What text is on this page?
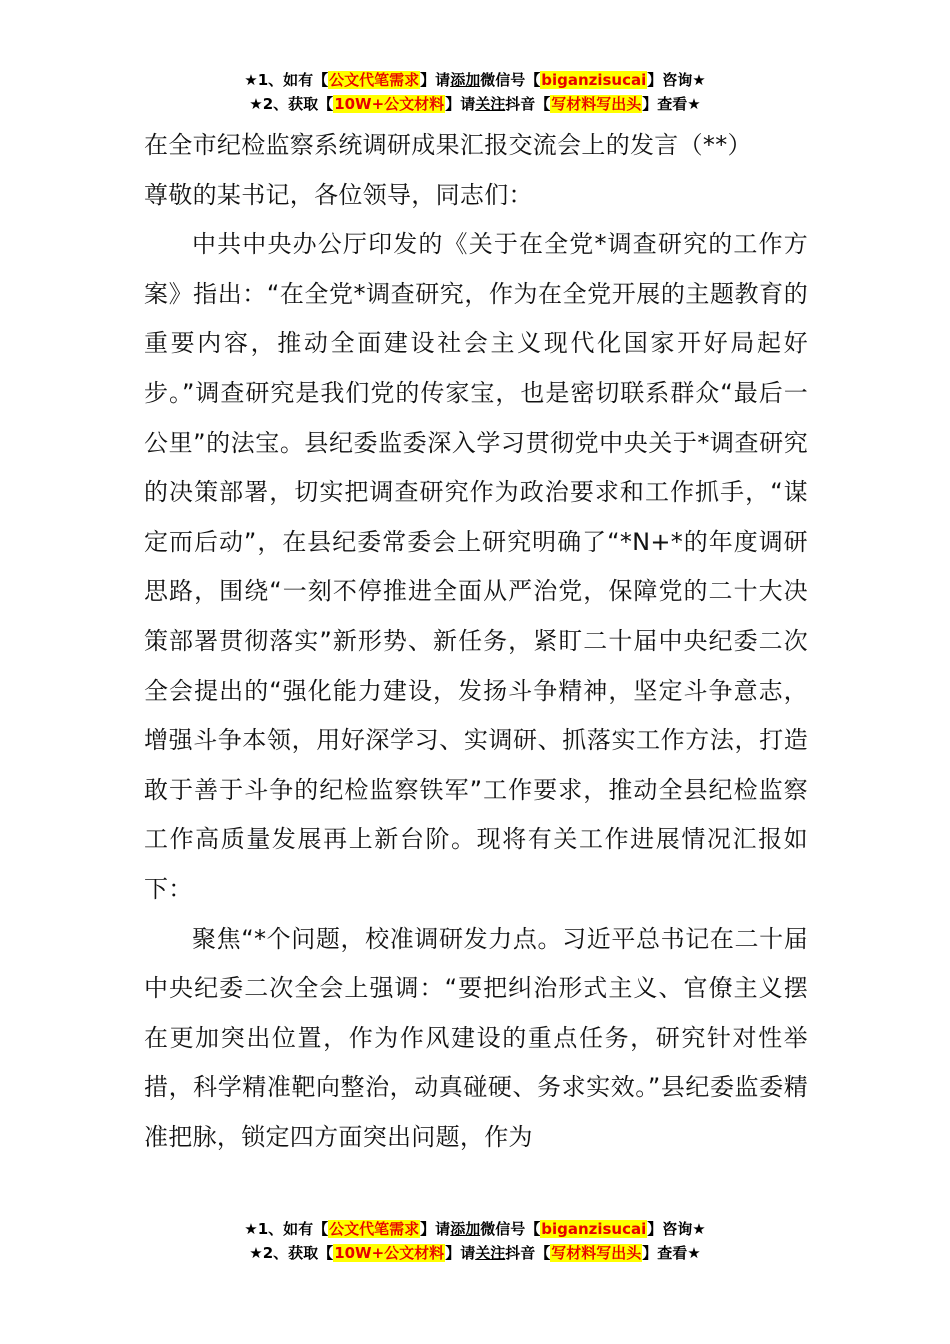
★1、如有【公文代笔需求】请添加微信号【biganzisucai】咨询★
★2、获取【10W+公文材料】请关注抖音【写材料写出头】查看★

在全市纪检监察系统调研成果汇报交流会上的发言（**）

尊敬的某书记，各位领导，同志们：

中共中央办公厅印发的《关于在全党*调查研究的工作方案》指出：“在全党*调查研究，作为在全党开展的主题教育的重要内容，推动全面建设社会主义现代化国家开好局起好步。”调查研究是我们党的传家宝，也是密切联系群众“最后一公里”的法宝。县纪委监委深入学习贯彻党中央关于*调查研究的决策部署，切实把调查研究作为政治要求和工作抓手，“谋定而后动”，在县纪委常委会上研究明确了“*N+*的年度调研思路，围绕“一刻不停推进全面从严治党，保障党的二十大决策部署贯彻落实”新形势、新任务，紧盯二十届中央纪委二次全会提出的“强化能力建设，发扬斗争精神，坚定斗争意志，增强斗争本领，用好深学习、实调研、抓落实工作方法，打造敢于善于斗争的纪检监察铁军”工作要求，推动全县纪检监察工作高质量发展再上新台阶。现将有关工作进展情况汇报如下：

聚焦“*个问题，校准调研发力点。习近平总书记在二十届中央纪委二次全会上强调：“要把纠治形式主义、官僚主义摆在更加突出位置，作为作风建设的重点任务，研究针对性举措，科学精准靶向整治，动真碰硬、务求实效。”县纪委监委精准把脉，锁定四方面突出问题，作为

★1、如有【公文代笔需求】请添加微信号【biganzisucai】咨询★
★2、获取【10W+公文材料】请关注抖音【写材料写出头】查看★
